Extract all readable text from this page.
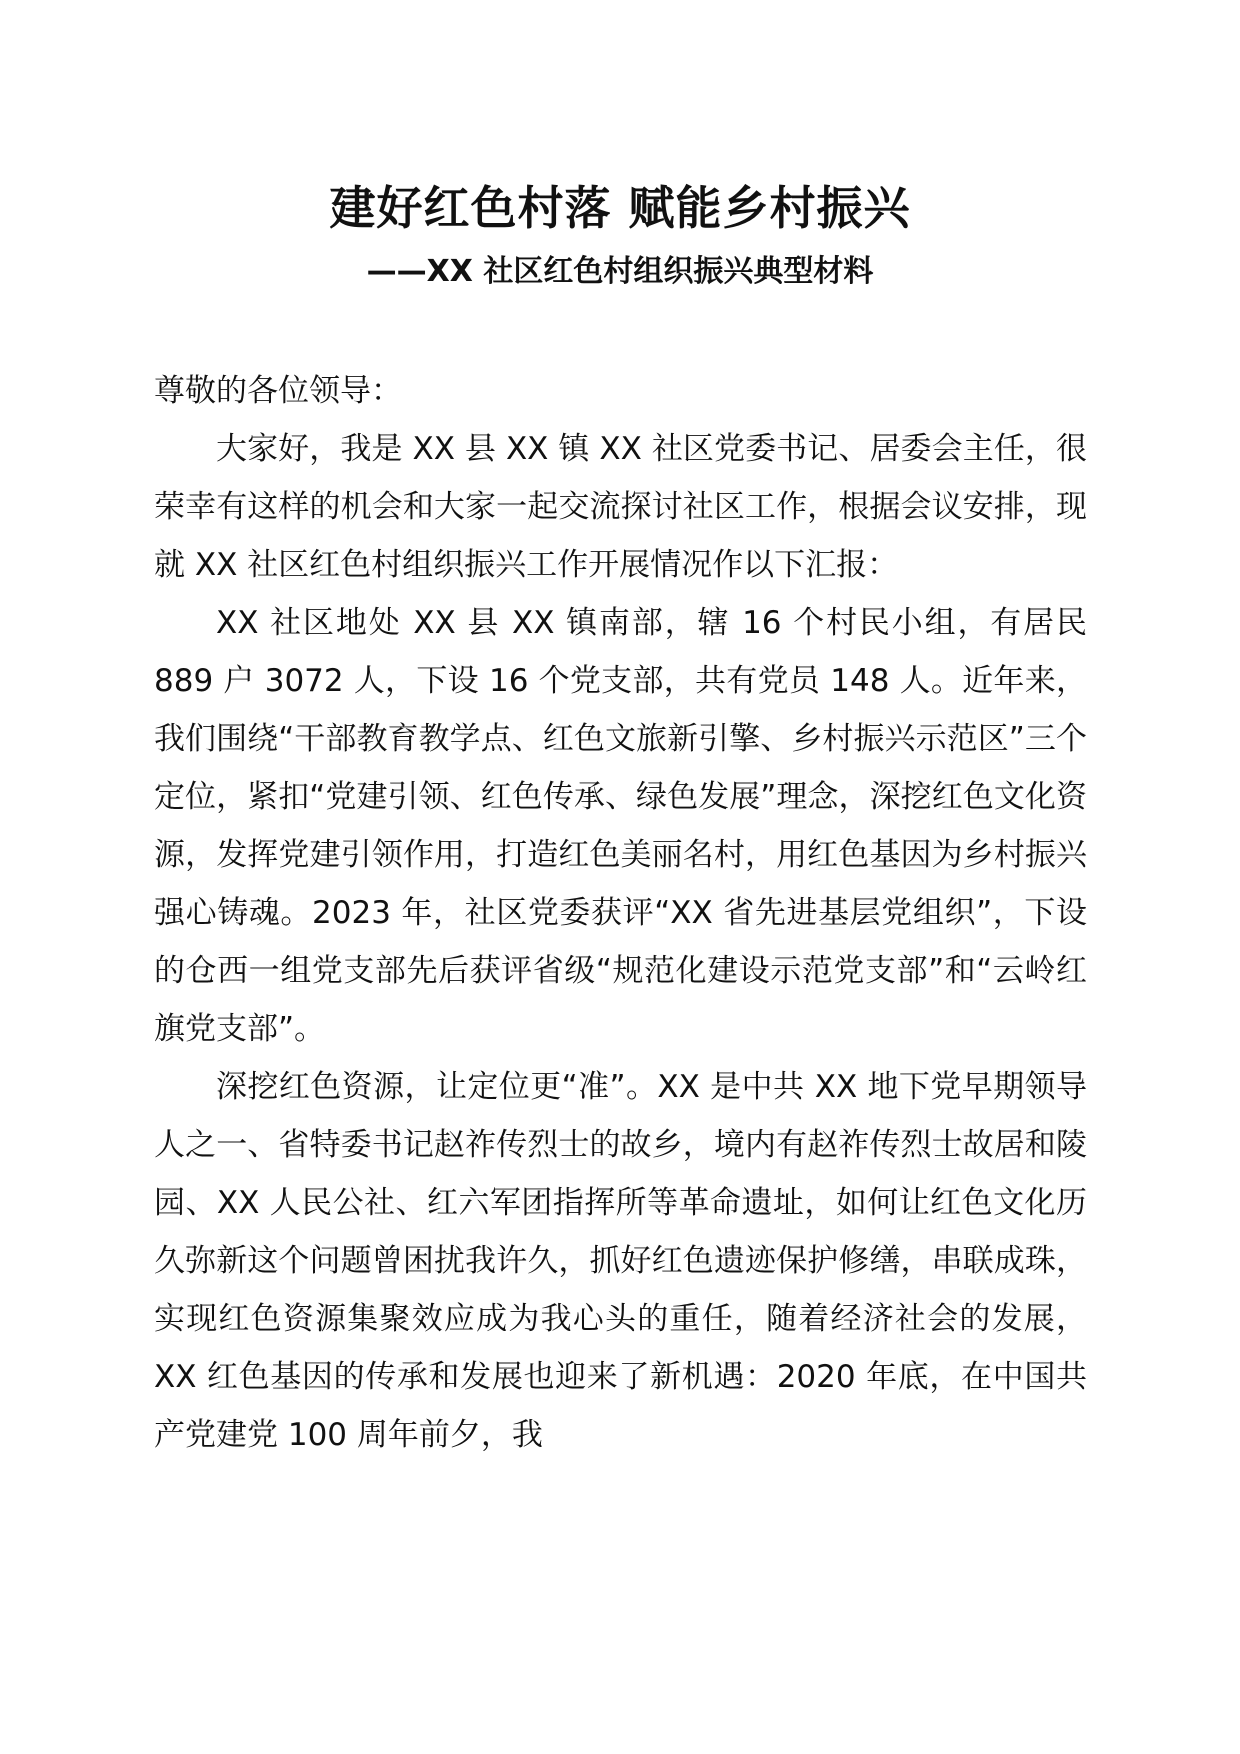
建好红色村落 赋能乡村振兴
——XX 社区红色村组织振兴典型材料

尊敬的各位领导：

大家好，我是 XX 县 XX 镇 XX 社区党委书记、居委会主任，很荣幸有这样的机会和大家一起交流探讨社区工作，根据会议安排，现就 XX 社区红色村组织振兴工作开展情况作以下汇报：

XX 社区地处 XX 县 XX 镇南部，辖 16 个村民小组，有居民 889 户 3072 人，下设 16 个党支部，共有党员 148 人。近年来，我们围绕“干部教育教学点、红色文旅新引擎、乡村振兴示范区”三个定位，紧扣“党建引领、红色传承、绿色发展”理念，深挖红色文化资源，发挥党建引领作用，打造红色美丽名村，用红色基因为乡村振兴强心铸魂。2023 年，社区党委获评“XX 省先进基层党组织”，下设的仓西一组党支部先后获评省级“规范化建设示范党支部”和“云岭红旗党支部”。

深挖红色资源，让定位更“准”。XX 是中共 XX 地下党早期领导人之一、省特委书记赵祚传烈士的故乡，境内有赵祚传烈士故居和陵园、XX 人民公社、红六军团指挥所等革命遗址，如何让红色文化历久弥新这个问题曾困扰我许久，抓好红色遗迹保护修缮，串联成珠，实现红色资源集聚效应成为我心头的重任，随着经济社会的发展，XX 红色基因的传承和发展也迎来了新机遇：2020 年底，在中国共产党建党 100 周年前夕，我
